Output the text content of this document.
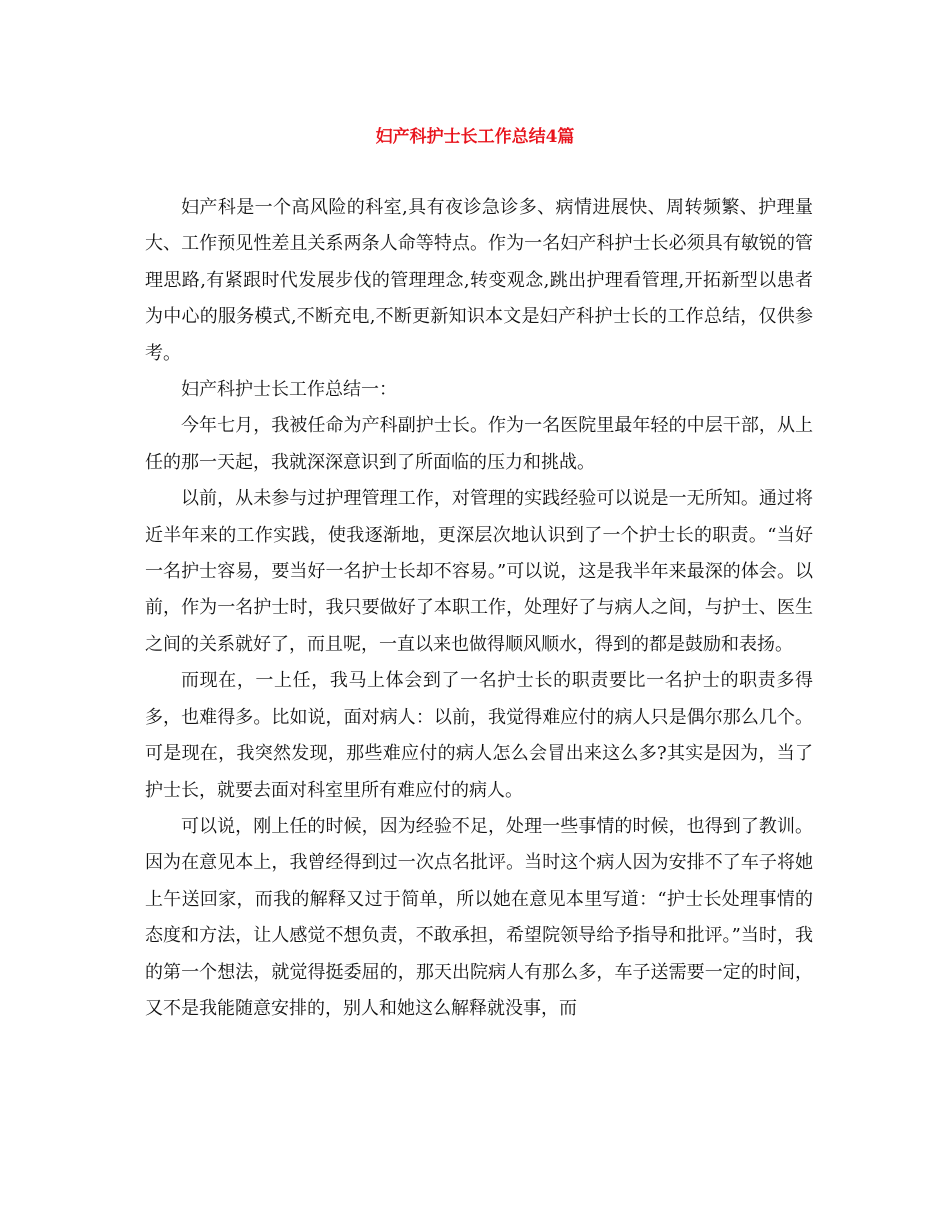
妇产科护士长工作总结4篇

妇产科是一个高风险的科室,具有夜诊急诊多、病情进展快、周转频繁、护理量大、工作预见性差且关系两条人命等特点。作为一名妇产科护士长必须具有敏锐的管理思路,有紧跟时代发展步伐的管理理念,转变观念,跳出护理看管理,开拓新型以患者为中心的服务模式,不断充电,不断更新知识本文是妇产科护士长的工作总结，仅供参考。

妇产科护士长工作总结一：

今年七月，我被任命为产科副护士长。作为一名医院里最年轻的中层干部，从上任的那一天起，我就深深意识到了所面临的压力和挑战。

以前，从未参与过护理管理工作，对管理的实践经验可以说是一无所知。通过将近半年来的工作实践，使我逐渐地，更深层次地认识到了一个护士长的职责。“当好一名护士容易，要当好一名护士长却不容易。”可以说，这是我半年来最深的体会。以前，作为一名护士时，我只要做好了本职工作，处理好了与病人之间，与护士、医生之间的关系就好了，而且呢，一直以来也做得顺风顺水，得到的都是鼓励和表扬。

而现在，一上任，我马上体会到了一名护士长的职责要比一名护士的职责多得多，也难得多。比如说，面对病人：以前，我觉得难应付的病人只是偶尔那么几个。可是现在，我突然发现，那些难应付的病人怎么会冒出来这么多?其实是因为，当了护士长，就要去面对科室里所有难应付的病人。

可以说，刚上任的时候，因为经验不足，处理一些事情的时候，也得到了教训。因为在意见本上，我曾经得到过一次点名批评。当时这个病人因为安排不了车子将她上午送回家，而我的解释又过于简单，所以她在意见本里写道：“护士长处理事情的态度和方法，让人感觉不想负责，不敢承担，希望院领导给予指导和批评。”当时，我的第一个想法，就觉得挺委屈的，那天出院病人有那么多，车子送需要一定的时间，又不是我能随意安排的，别人和她这么解释就没事，而
